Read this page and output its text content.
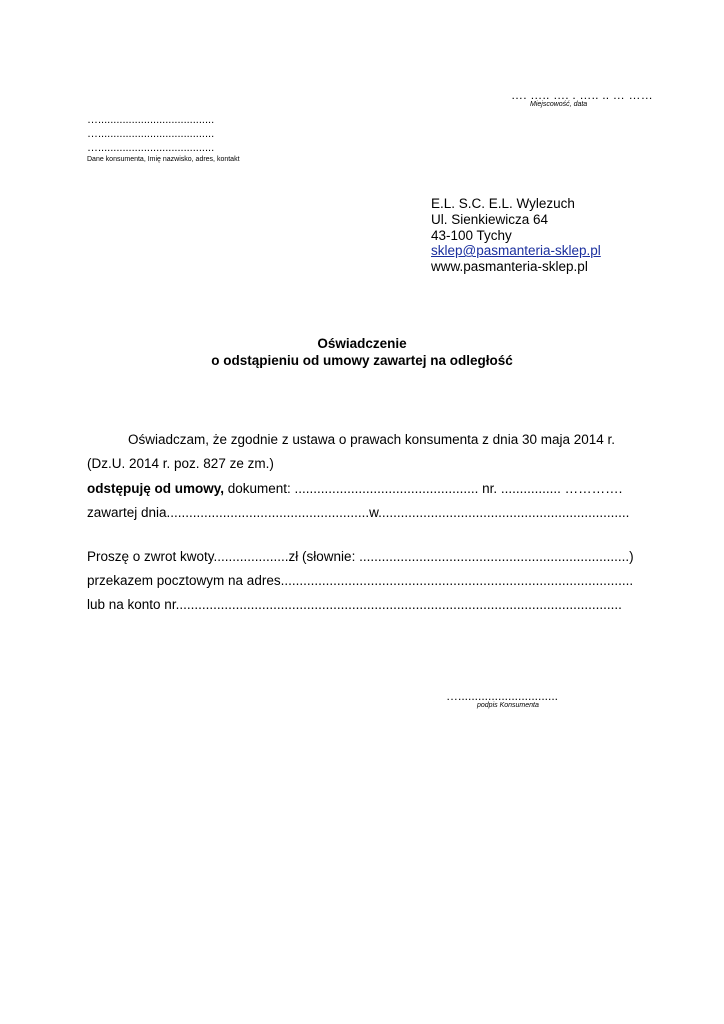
…. ….. …. . ….. .. … ……
Miejscowość, data
…......................................
…......................................
…......................................
Dane konsumenta, Imię nazwisko, adres, kontakt
E.L. S.C. E.L. Wylezuch
Ul. Sienkiewicza 64
43-100 Tychy
sklep@pasmanteria-sklep.pl
www.pasmanteria-sklep.pl
Oświadczenie
o odstąpieniu od umowy zawartej na odległość
Oświadczam, że zgodnie z ustawa o prawach konsumenta z dnia 30 maja 2014 r.
(Dz.U. 2014 r. poz. 827 ze zm.)
odstępuję od umowy, dokument: ................................................. nr. ................ ………….
zawartej dnia......................................................w...................................................................
Proszę o zwrot kwoty....................zł (słownie: ........................................................................)
przekazem pocztowym na adres..............................................................................................
lub na konto nr.......................................................................................................................
…..............................
podpis Konsumenta
